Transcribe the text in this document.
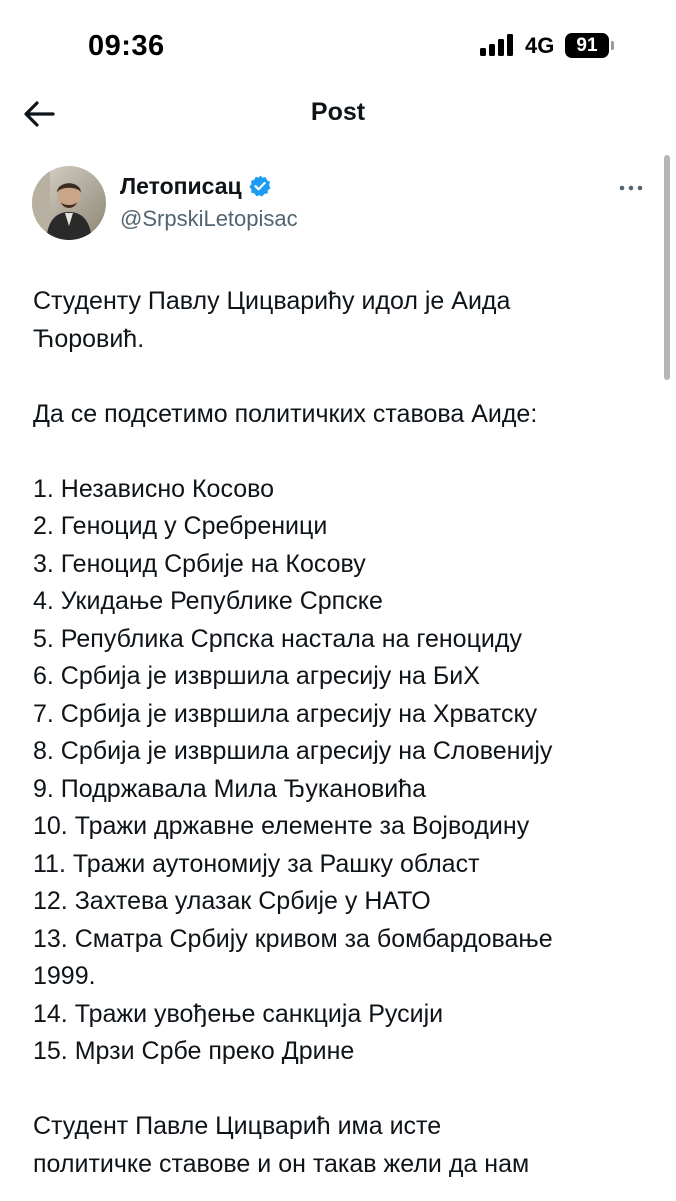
09:36	4G	91
Post
Летописац
@SrpskiLetopisac

Студенту Павлу Цицварићу идол је Аида

Ћоровић.

Да се подсетимо политичких ставова Аиде:

1. Независно Косово

2. Геноцид у Сребреници

3. Геноцид Србије на Косову

4. Укидање Републике Српске

5. Република Српска настала на геноциду

6. Србија је извршила агресију на БиХ

7. Србија је извршила агресију на Хрватску

8. Србија је извршила агресију на Словенију

9. Подржавала Мила Ђукановића

10. Тражи државне елементе за Војводину

11. Тражи аутономију за Рашку област

12. Захтева улазак Србије у НАТО

13. Сматра Србију кривом за бомбардовање

1999.

14. Тражи увођење санкција Русији

15. Мрзи Србе преко Дрине

Студент Павле Цицварић има исте

политичке ставове и он такав жели да нам
